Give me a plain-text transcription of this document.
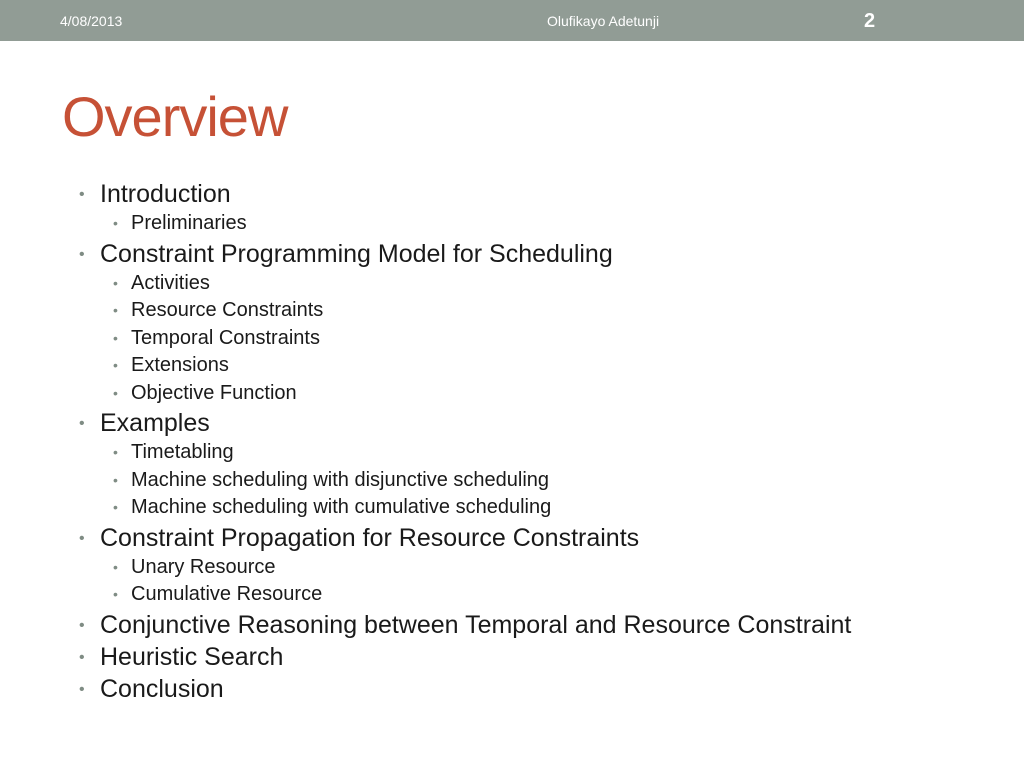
4/08/2013	Olufikayo Adetunji	2
Overview
• Introduction
• Preliminaries
• Constraint Programming Model for Scheduling
• Activities
• Resource Constraints
• Temporal Constraints
• Extensions
• Objective Function
• Examples
• Timetabling
• Machine scheduling with disjunctive scheduling
• Machine scheduling with cumulative scheduling
• Constraint Propagation for Resource Constraints
• Unary Resource
• Cumulative Resource
• Conjunctive Reasoning between Temporal and Resource Constraint
• Heuristic Search
• Conclusion
